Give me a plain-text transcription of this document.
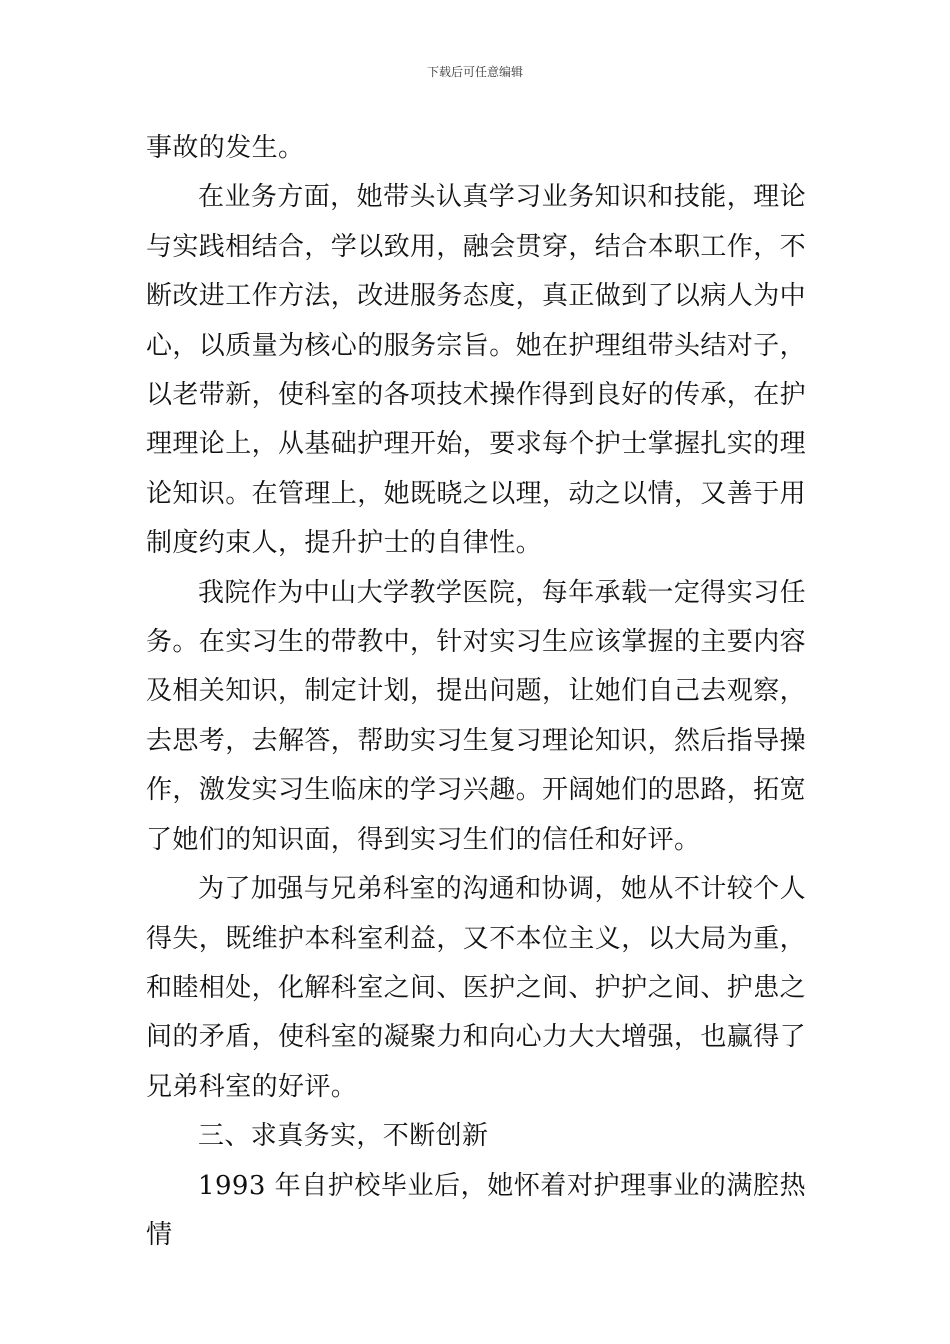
下载后可任意编辑

事故的发生。

在业务方面，她带头认真学习业务知识和技能，理论与实践相结合，学以致用，融会贯穿，结合本职工作，不断改进工作方法，改进服务态度，真正做到了以病人为中心，以质量为核心的服务宗旨。她在护理组带头结对子，以老带新，使科室的各项技术操作得到良好的传承，在护理理论上，从基础护理开始，要求每个护士掌握扎实的理论知识。在管理上，她既晓之以理，动之以情，又善于用制度约束人，提升护士的自律性。

我院作为中山大学教学医院，每年承载一定得实习任务。在实习生的带教中，针对实习生应该掌握的主要内容及相关知识，制定计划，提出问题，让她们自己去观察，去思考，去解答，帮助实习生复习理论知识，然后指导操作，激发实习生临床的学习兴趣。开阔她们的思路，拓宽了她们的知识面，得到实习生们的信任和好评。

为了加强与兄弟科室的沟通和协调，她从不计较个人得失，既维护本科室利益，又不本位主义，以大局为重，和睦相处，化解科室之间、医护之间、护护之间、护患之间的矛盾，使科室的凝聚力和向心力大大增强，也赢得了兄弟科室的好评。

三、求真务实，不断创新

1993 年自护校毕业后，她怀着对护理事业的满腔热情
